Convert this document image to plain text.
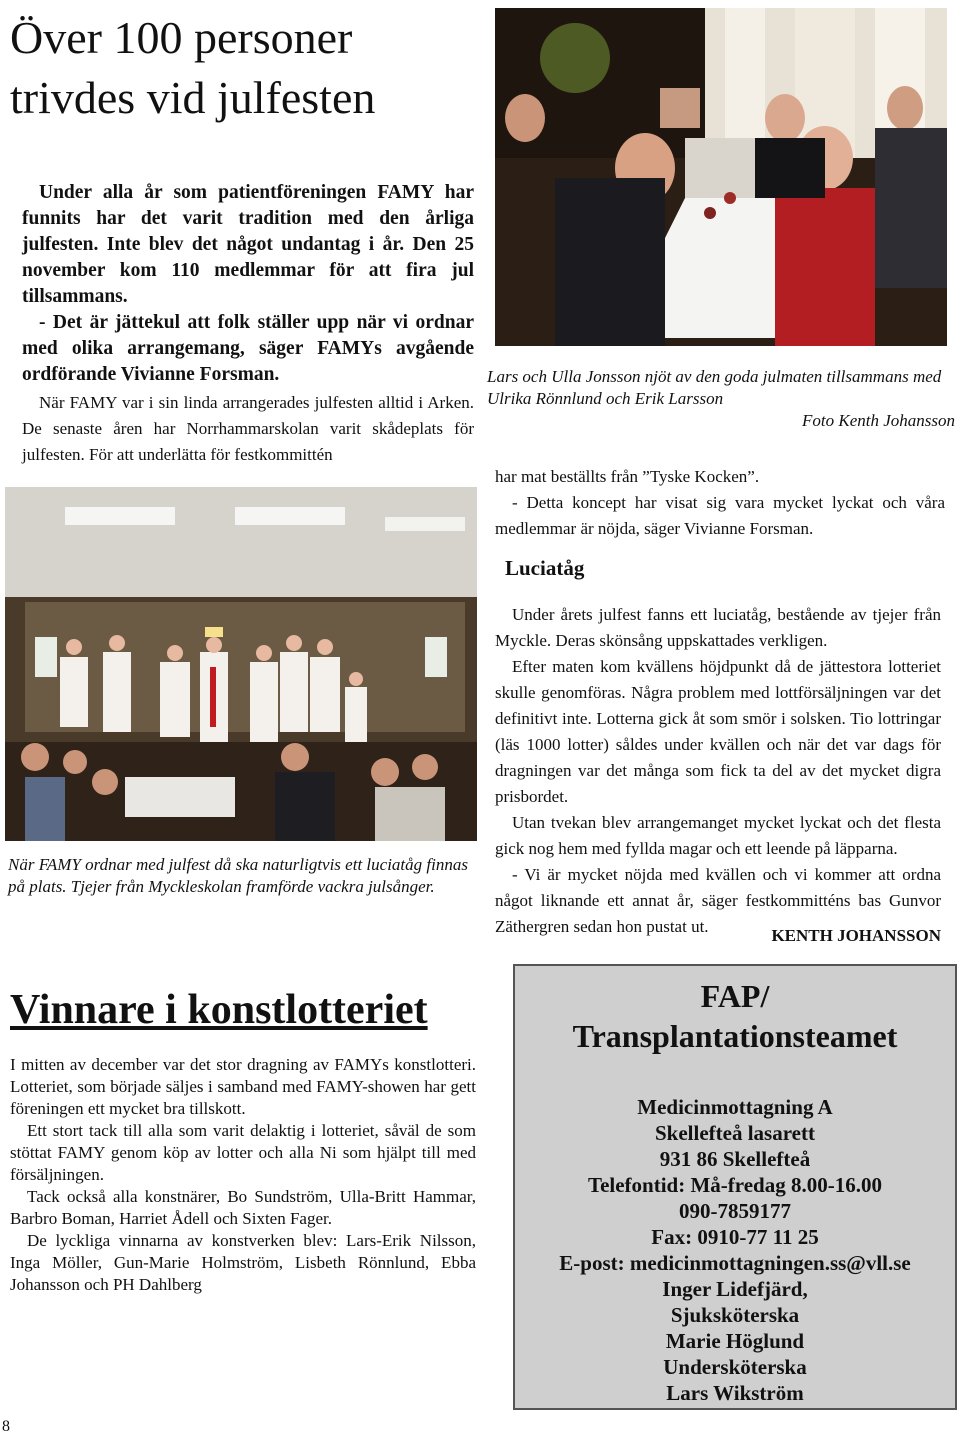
Över 100 personer trivdes vid julfesten

Under alla år som patientföreningen FAMY har funnits har det varit tradition med den årliga julfesten. Inte blev det något undantag i år. Den 25 november kom 110 medlemmar för att fira jul tillsammans.

- Det är jättekul att folk ställer upp när vi ordnar med olika arrangemang, säger FAMYs avgående ordförande Vivianne Forsman.

När FAMY var i sin linda arrangerades julfesten alltid i Arken. De senaste åren har Norrhammarskolan varit skådeplats för julfesten. För att underlätta för festkommittén

Lars och Ulla Jonsson njöt av den goda julmaten tillsammans med Ulrika Rönnlund och Erik Larsson

Foto Kenth Johansson

har mat beställts från ”Tyske Kocken”.

- Detta koncept har visat sig vara mycket lyckat och våra medlemmar är nöjda, säger Vivianne Forsman.

Luciatåg

Under årets julfest fanns ett luciatåg, bestående av tjejer från Myckle. Deras skönsång uppskattades verkligen.

Efter maten kom kvällens höjdpunkt då de jättestora lotteriet skulle genomföras. Några problem med lottförsäljningen var det definitivt inte. Lotterna gick åt som smör i solsken. Tio lottringar (läs 1000 lotter) såldes under kvällen och när det var dags för dragningen var det många som fick ta del av det mycket digra prisbordet.

Utan tvekan blev arrangemanget mycket lyckat och det flesta gick nog hem med fyllda magar och ett leende på läpparna.

- Vi är mycket nöjda med kvällen och vi kommer att ordna något liknande ett annat år, säger festkommitténs bas Gunvor Zäthergren sedan hon pustat ut.	KENTH JOHANSSON

När FAMY ordnar med julfest då ska naturligtvis ett luciatåg finnas på plats. Tjejer från Myckleskolan framförde vackra julsånger.

Vinnare i konstlotteriet

I mitten av december var det stor dragning av FAMYs konstlotteri. Lotteriet, som började säljes i samband med FAMY-showen har gett föreningen ett mycket bra tillskott.

Ett stort tack till alla som varit delaktig i lotteriet, såväl de som stöttat FAMY genom köp av lotter och alla Ni som hjälpt till med försäljningen.

Tack också alla konstnärer, Bo Sundström, Ulla-Britt Hammar, Barbro Boman, Harriet Ådell och Sixten Fager.

De lyckliga vinnarna av konstverken blev: Lars-Erik Nilsson, Inga Möller, Gun-Marie Holmström, Lisbeth Rönnlund, Ebba Johansson och PH Dahlberg

FAP/
Transplantationsteamet
Medicinmottagning A
Skellefteå lasarett
931 86 Skellefteå
Telefontid: Må-fredag 8.00-16.00
090-7859177
Fax: 0910-77 11 25
E-post: medicinmottagningen.ss@vll.se
Inger Lidefjärd,
Sjuksköterska
Marie Höglund
Undersköterska
Lars Wikström
8
